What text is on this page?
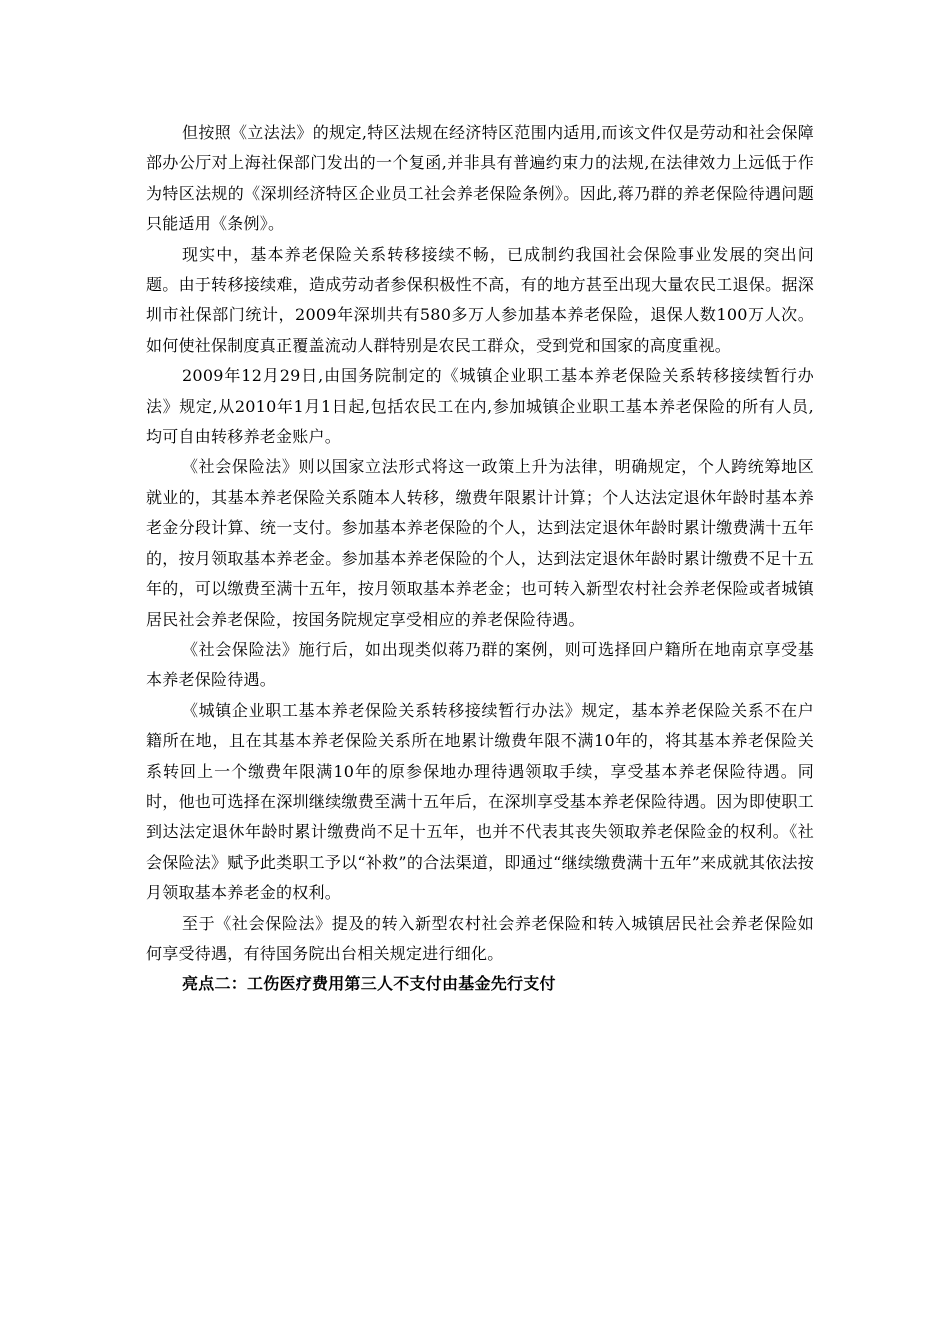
但按照《立法法》的规定,特区法规在经济特区范围内适用,而该文件仅是劳动和社会保障部办公厅对上海社保部门发出的一个复函,并非具有普遍约束力的法规,在法律效力上远低于作为特区法规的《深圳经济特区企业员工社会养老保险条例》。因此,蒋乃群的养老保险待遇问题只能适用《条例》。

现实中，基本养老保险关系转移接续不畅，已成制约我国社会保险事业发展的突出问题。由于转移接续难，造成劳动者参保积极性不高，有的地方甚至出现大量农民工退保。据深圳市社保部门统计，2009年深圳共有580多万人参加基本养老保险，退保人数100万人次。如何使社保制度真正覆盖流动人群特别是农民工群众，受到党和国家的高度重视。

2009年12月29日,由国务院制定的《城镇企业职工基本养老保险关系转移接续暂行办法》规定,从2010年1月1日起,包括农民工在内,参加城镇企业职工基本养老保险的所有人员,均可自由转移养老金账户。

《社会保险法》则以国家立法形式将这一政策上升为法律，明确规定，个人跨统筹地区就业的，其基本养老保险关系随本人转移，缴费年限累计计算；个人达法定退休年龄时基本养老金分段计算、统一支付。参加基本养老保险的个人，达到法定退休年龄时累计缴费满十五年的，按月领取基本养老金。参加基本养老保险的个人，达到法定退休年龄时累计缴费不足十五年的，可以缴费至满十五年，按月领取基本养老金；也可转入新型农村社会养老保险或者城镇居民社会养老保险，按国务院规定享受相应的养老保险待遇。

《社会保险法》施行后，如出现类似蒋乃群的案例，则可选择回户籍所在地南京享受基本养老保险待遇。

《城镇企业职工基本养老保险关系转移接续暂行办法》规定，基本养老保险关系不在户籍所在地，且在其基本养老保险关系所在地累计缴费年限不满10年的，将其基本养老保险关系转回上一个缴费年限满10年的原参保地办理待遇领取手续，享受基本养老保险待遇。同时，他也可选择在深圳继续缴费至满十五年后，在深圳享受基本养老保险待遇。因为即使职工到达法定退休年龄时累计缴费尚不足十五年，也并不代表其丧失领取养老保险金的权利。《社会保险法》赋予此类职工予以“补救”的合法渠道，即通过“继续缴费满十五年”来成就其依法按月领取基本养老金的权利。

至于《社会保险法》提及的转入新型农村社会养老保险和转入城镇居民社会养老保险如何享受待遇，有待国务院出台相关规定进行细化。

亮点二：工伤医疗费用第三人不支付由基金先行支付
